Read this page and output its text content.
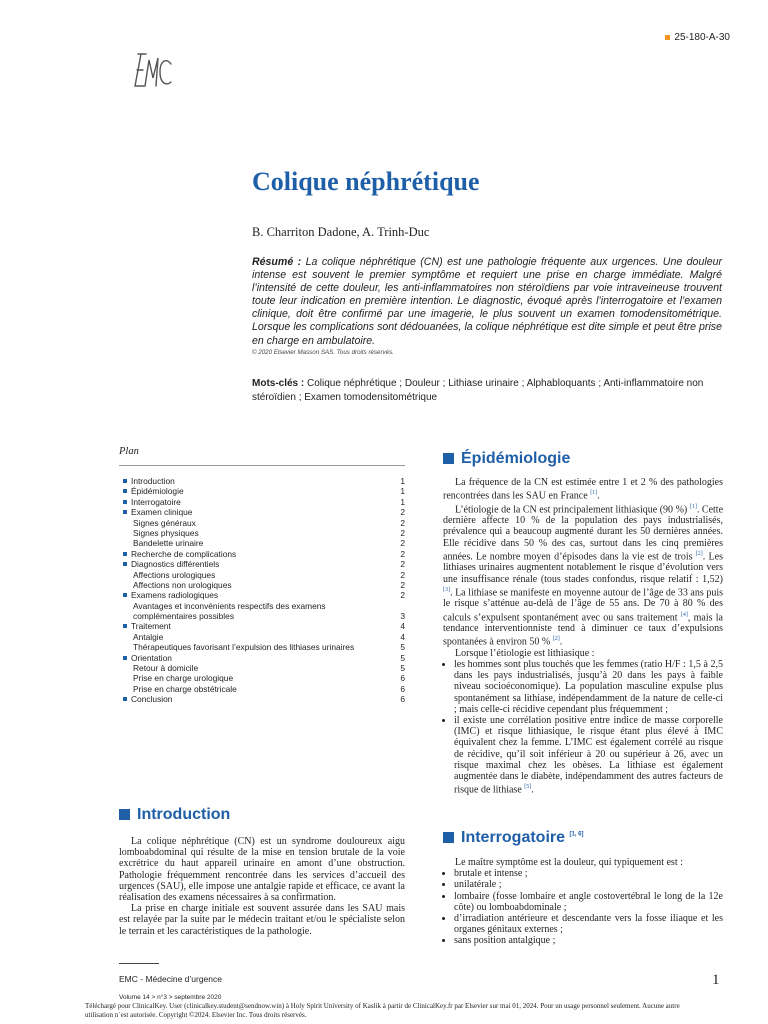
25-180-A-30
Colique néphrétique
B. Charriton Dadone, A. Trinh-Duc
Résumé : La colique néphrétique (CN) est une pathologie fréquente aux urgences. Une douleur intense est souvent le premier symptôme et requiert une prise en charge immédiate. Malgré l’intensité de cette douleur, les anti-inflammatoires non stéroïdiens par voie intraveineuse trouvent toute leur indication en première intention. Le diagnostic, évoqué après l’interrogatoire et l’examen clinique, doit être confirmé par une imagerie, le plus souvent un examen tomodensitométrique. Lorsque les complications sont dédouanées, la colique néphrétique est dite simple et peut être prise en charge en ambulatoire.
© 2020 Elsevier Masson SAS. Tous droits réservés.
Mots-clés : Colique néphrétique ; Douleur ; Lithiase urinaire ; Alphabloquants ; Anti-inflammatoire non stéroïdien ; Examen tomodensitométrique
Plan
Introduction	1
Épidémiologie	1
Interrogatoire	1
Examen clinique	2
Signes généraux	2
Signes physiques	2
Bandelette urinaire	2
Recherche de complications	2
Diagnostics différentiels	2
Affections urologiques	2
Affections non urologiques	2
Examens radiologiques	2
Avantages et inconvénients respectifs des examens
complémentaires possibles	3
Traitement	4
Antalgie	4
Thérapeutiques favorisant l’expulsion des lithiases urinaires	5
Orientation	5
Retour à domicile	5
Prise en charge urologique	6
Prise en charge obstétricale	6
Conclusion	6
Introduction

La colique néphrétique (CN) est un syndrome douloureux aigu lomboabdominal qui résulte de la mise en tension brutale de la voie excrétrice du haut appareil urinaire en amont d’une obstruction. Pathologie fréquemment rencontrée dans les services d’accueil des urgences (SAU), elle impose une antalgie rapide et efficace, ce avant la réalisation des examens nécessaires à sa confirmation.

La prise en charge initiale est souvent assurée dans les SAU mais est relayée par la suite par le médecin traitant et/ou le spécialiste selon le terrain et les caractéristiques de la pathologie.

Épidémiologie

La fréquence de la CN est estimée entre 1 et 2 % des pathologies rencontrées dans les SAU en France [1].

L’étiologie de la CN est principalement lithiasique (90 %) [1]. Cette dernière affecte 10 % de la population des pays industrialisés, prévalence qui a beaucoup augmenté durant les 50 dernières années. Elle récidive dans 50 % des cas, surtout dans les cinq premières années. Le nombre moyen d’épisodes dans la vie est de trois [2]. Les lithiases urinaires augmentent notablement le risque d’évolution vers une insuffisance rénale (tous stades confondus, risque relatif : 1,52) [3]. La lithiase se manifeste en moyenne autour de l’âge de 33 ans puis le risque s’atténue au-delà de l’âge de 55 ans. De 70 à 80 % des calculs s’expulsent spontanément avec ou sans traitement [4], mais la tendance interventionniste tend à diminuer ce taux d’expulsions spontanées à environ 50 % [2].

Lorsque l’étiologie est lithiasique :

• les hommes sont plus touchés que les femmes (ratio H/F : 1,5 à 2,5 dans les pays industrialisés, jusqu’à 20 dans les pays à faible niveau socioéconomique). La population masculine expulse plus spontanément sa lithiase, indépendamment de la nature de celle-ci ; mais celle-ci récidive cependant plus fréquemment ;
• il existe une corrélation positive entre indice de masse corporelle (IMC) et risque lithiasique, le risque étant plus élevé à IMC équivalent chez la femme. L’IMC est également corrélé au risque de récidive, qu’il soit inférieur à 20 ou supérieur à 26, avec un risque maximal chez les obèses. La lithiase est également augmentée dans le diabète, indépendamment des autres facteurs de risque de lithiase [5].
Interrogatoire [1, 6]

Le maître symptôme est la douleur, qui typiquement est :

• brutale et intense ;
• unilatérale ;
• lombaire (fosse lombaire et angle costovertébral le long de la 12e côte) ou lomboabdominale ;
• d’irradiation antérieure et descendante vers la fosse iliaque et les organes génitaux externes ;
• sans position antalgique ;
EMC - Médecine d’urgence	1
Volume 14 > n°3 > septembre 2020
Téléchargé pour ClinicalKey. User (clinicalkey.student@sendnow.win) à Holy Spirit University of Kaslik à partir de ClinicalKey.fr par Elsevier sur mai 01, 2024. Pour un usage personnel seulement. Aucune autre utilisation n´est autorisée. Copyright ©2024. Elsevier Inc. Tous droits réservés.
